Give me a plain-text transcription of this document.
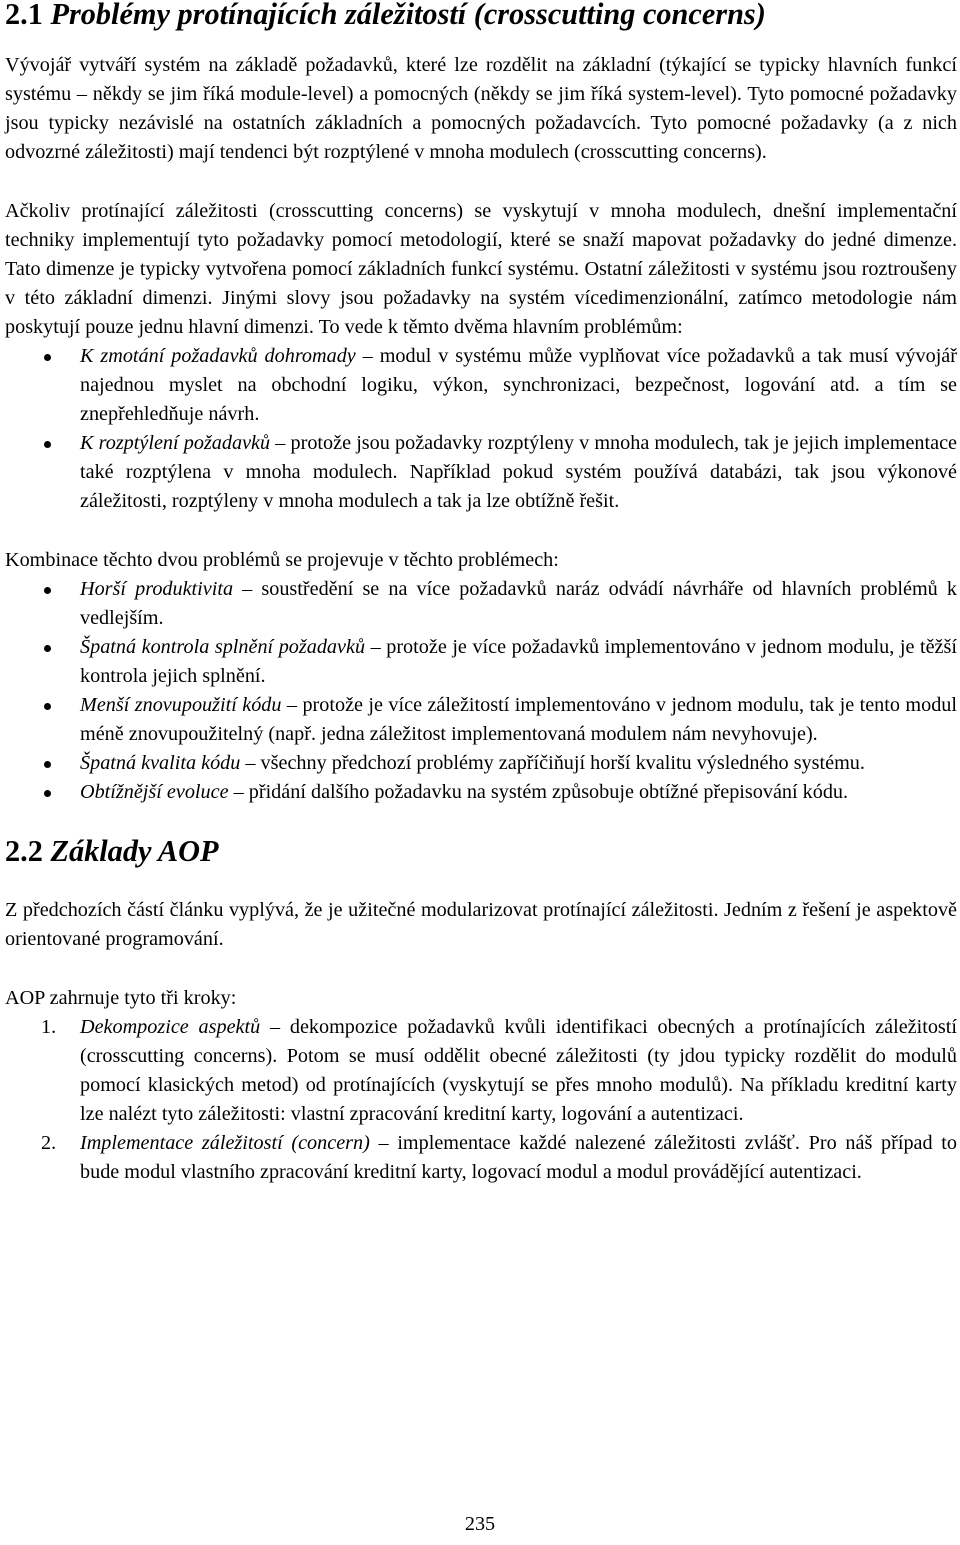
2.1 Problémy protínajících záležitostí (crosscutting concerns)

Vývojář vytváří systém na základě požadavků, které lze rozdělit na základní (týkající se typicky hlavních funkcí systému – někdy se jim říká module-level) a pomocných (někdy se jim říká system-level). Tyto pomocné požadavky jsou typicky nezávislé na ostatních základních a pomocných požadavcích. Tyto pomocné požadavky (a z nich odvozrné záležitosti) mají tendenci být rozptýlené v mnoha modulech (crosscutting concerns).

Ačkoliv protínající záležitosti (crosscutting concerns) se vyskytují v mnoha modulech, dnešní implementační techniky implementují tyto požadavky pomocí metodologií, které se snaží mapovat požadavky do jedné dimenze. Tato dimenze je typicky vytvořena pomocí základních funkcí systému. Ostatní záležitosti v systému jsou roztroušeny v této základní dimenzi. Jinými slovy jsou požadavky na systém vícedimenzionální, zatímco metodologie nám poskytují pouze jednu hlavní dimenzi. To vede k těmto dvěma hlavním problémům:

K zmotání požadavků dohromady – modul v systému může vyplňovat více požadavků a tak musí vývojář najednou myslet na obchodní logiku, výkon, synchronizaci, bezpečnost, logování atd. a tím se znepřehledňuje návrh.
K rozptýlení požadavků – protože jsou požadavky rozptýleny v mnoha modulech, tak je jejich implementace také rozptýlena v mnoha modulech. Například pokud systém používá databázi, tak jsou výkonové záležitosti, rozptýleny v mnoha modulech a tak ja lze obtížně řešit.

Kombinace těchto dvou problémů se projevuje v těchto problémech:

Horší produktivita – soustředění se na více požadavků naráz odvádí návrháře od hlavních problémů k vedlejším.
Špatná kontrola splnění požadavků – protože je více požadavků implementováno v jednom modulu, je těžší kontrola jejich splnění.
Menší znovupoužití kódu – protože je více záležitostí implementováno v jednom modulu, tak je tento modul méně znovupoužitelný (např. jedna záležitost implementovaná modulem nám nevyhovuje).
Špatná kvalita kódu – všechny předchozí problémy zapříčiňují horší kvalitu výsledného systému.
Obtížnější evoluce – přidání dalšího požadavku na systém způsobuje obtížné přepisování kódu.
2.2 Základy AOP

Z předchozích částí článku vyplývá, že je užitečné modularizovat protínající záležitosti. Jedním z řešení je aspektově orientované programování.

AOP zahrnuje tyto tři kroky:

1. Dekompozice aspektů – dekompozice požadavků kvůli identifikaci obecných a protínajících záležitostí (crosscutting concerns). Potom se musí oddělit obecné záležitosti (ty jdou typicky rozdělit do modulů pomocí klasických metod) od protínajících (vyskytují se přes mnoho modulů). Na příkladu kreditní karty lze nalézt tyto záležitosti: vlastní zpracování kreditní karty, logování a autentizaci.
2. Implementace záležitostí (concern) – implementace každé nalezené záležitosti zvlášť. Pro náš případ to bude modul vlastního zpracování kreditní karty, logovací modul a modul provádějící autentizaci.
235
